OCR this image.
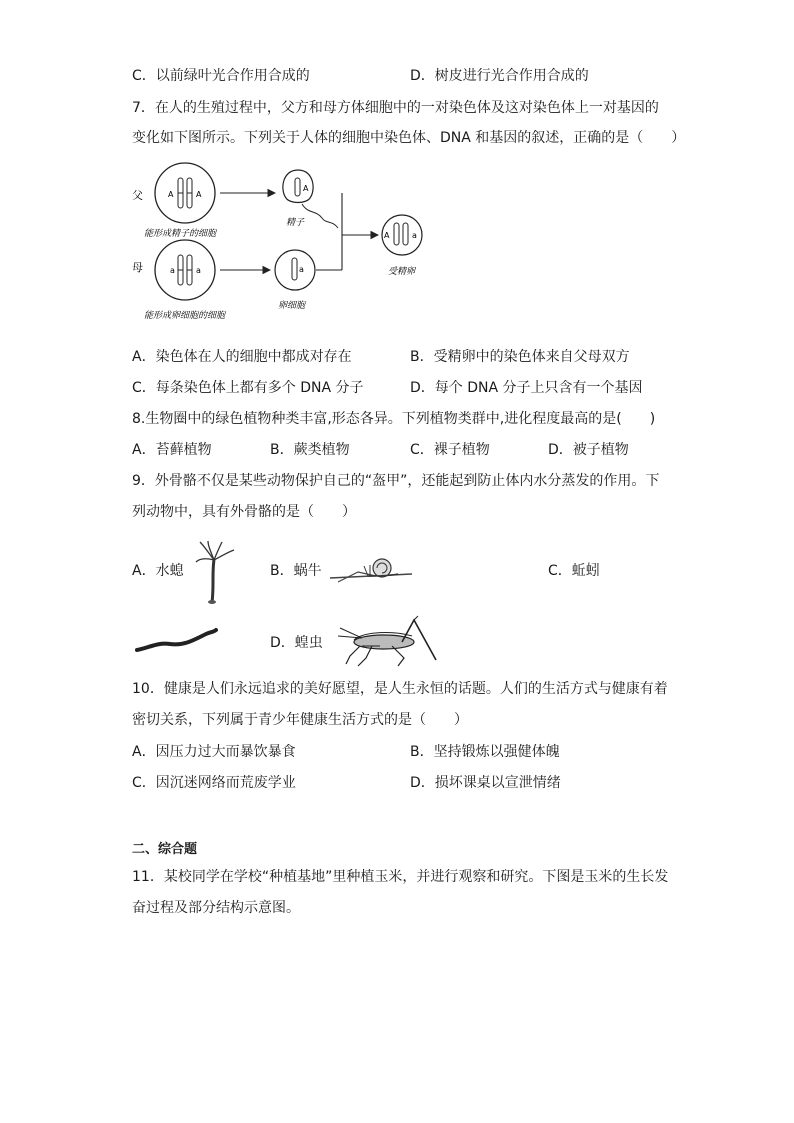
C．以前绿叶光合作用合成的	D．树皮进行光合作用合成的
7．在人的生殖过程中，父方和母方体细胞中的一对染色体及这对染色体上一对基因的
变化如下图所示。下列关于人体的细胞中染色体、DNA 和基因的叙述，正确的是（　　）
父
母
A	A
能形成精子的细胞
a	a
能形成卵细胞的细胞
A
精子
a
卵细胞
A	a
受精卵
A．染色体在人的细胞中都成对存在	B．受精卵中的染色体来自父母双方
C．每条染色体上都有多个 DNA 分子	D．每个 DNA 分子上只含有一个基因
8.生物圈中的绿色植物种类丰富,形态各异。下列植物类群中,进化程度最高的是(　　)
A．苔藓植物	B．蕨类植物	C．裸子植物	D．被子植物
9．外骨骼不仅是某些动物保护自己的“盔甲”，还能起到防止体内水分蒸发的作用。下
列动物中，具有外骨骼的是（　　）
A．水螅	B．蜗牛	C．蚯蚓
D．蝗虫
10．健康是人们永远追求的美好愿望，是人生永恒的话题。人们的生活方式与健康有着
密切关系，下列属于青少年健康生活方式的是（　　）
A．因压力过大而暴饮暴食	B．坚持锻炼以强健体魄
C．因沉迷网络而荒废学业	D．损坏课桌以宣泄情绪
二、综合题
11．某校同学在学校“种植基地”里种植玉米，并进行观察和研究。下图是玉米的生长发
奋过程及部分结构示意图。
